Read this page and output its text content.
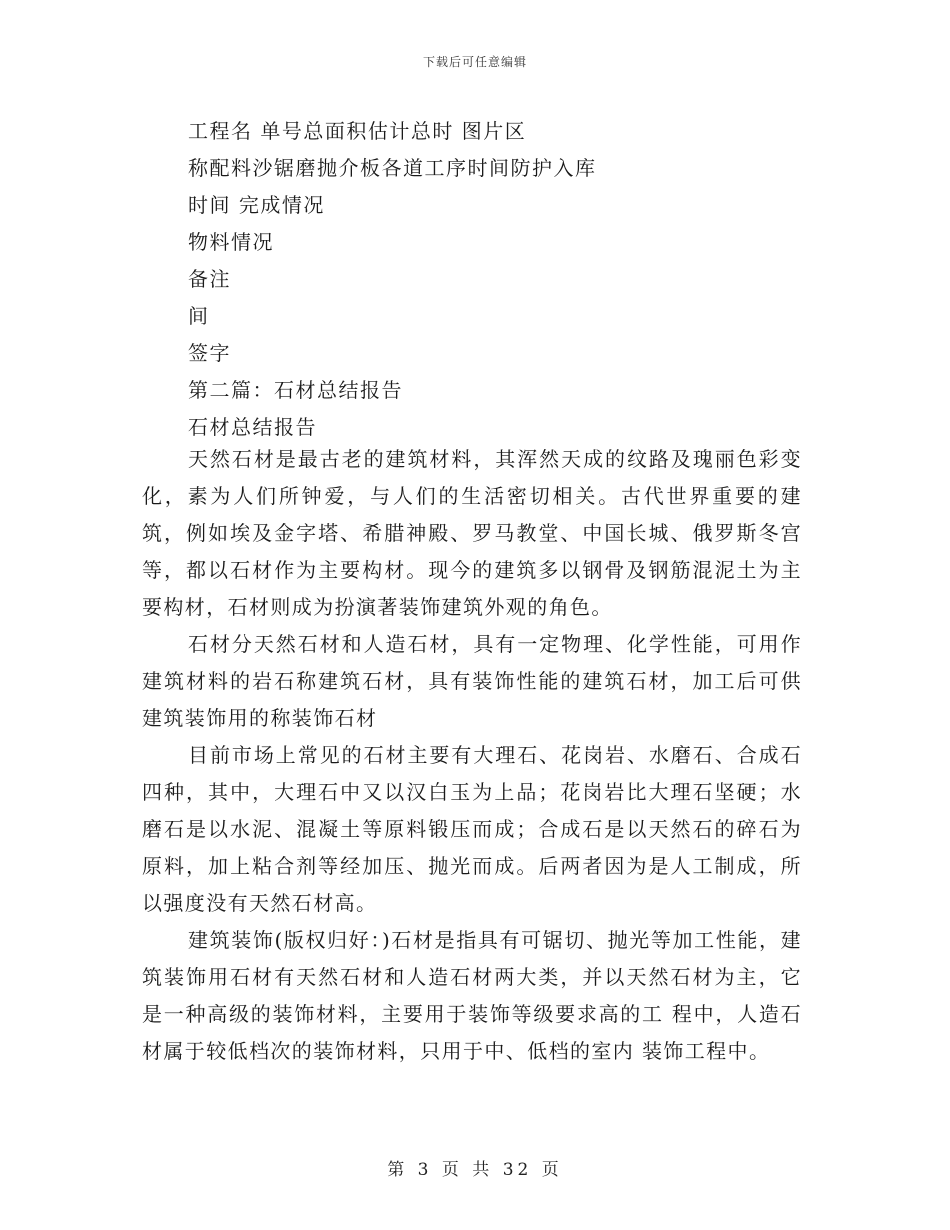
下载后可任意编辑
工程名 单号总面积估计总时 图片区
称配料沙锯磨抛介板各道工序时间防护入库
时间 完成情况
物料情况
备注
间
签字
第二篇：石材总结报告
石材总结报告

天然石材是最古老的建筑材料，其浑然天成的纹路及瑰丽色彩变化，素为人们所钟爱，与人们的生活密切相关。古代世界重要的建筑，例如埃及金字塔、希腊神殿、罗马教堂、中国长城、俄罗斯冬宫等，都以石材作为主要构材。现今的建筑多以钢骨及钢筋混泥土为主要构材，石材则成为扮演著装饰建筑外观的角色。

石材分天然石材和人造石材，具有一定物理、化学性能，可用作建筑材料的岩石称建筑石材，具有装饰性能的建筑石材，加工后可供建筑装饰用的称装饰石材

目前市场上常见的石材主要有大理石、花岗岩、水磨石、合成石四种，其中，大理石中又以汉白玉为上品；花岗岩比大理石坚硬；水磨石是以水泥、混凝土等原料锻压而成；合成石是以天然石的碎石为原料，加上粘合剂等经加压、抛光而成。后两者因为是人工制成，所以强度没有天然石材高。

建筑装饰(版权归好：)石材是指具有可锯切、抛光等加工性能，建筑装饰用石材有天然石材和人造石材两大类，并以天然石材为主，它是一种高级的装饰材料，主要用于装饰等级要求高的工 程中，人造石材属于较低档次的装饰材料，只用于中、低档的室内 装饰工程中。

第 3 页 共 32 页
